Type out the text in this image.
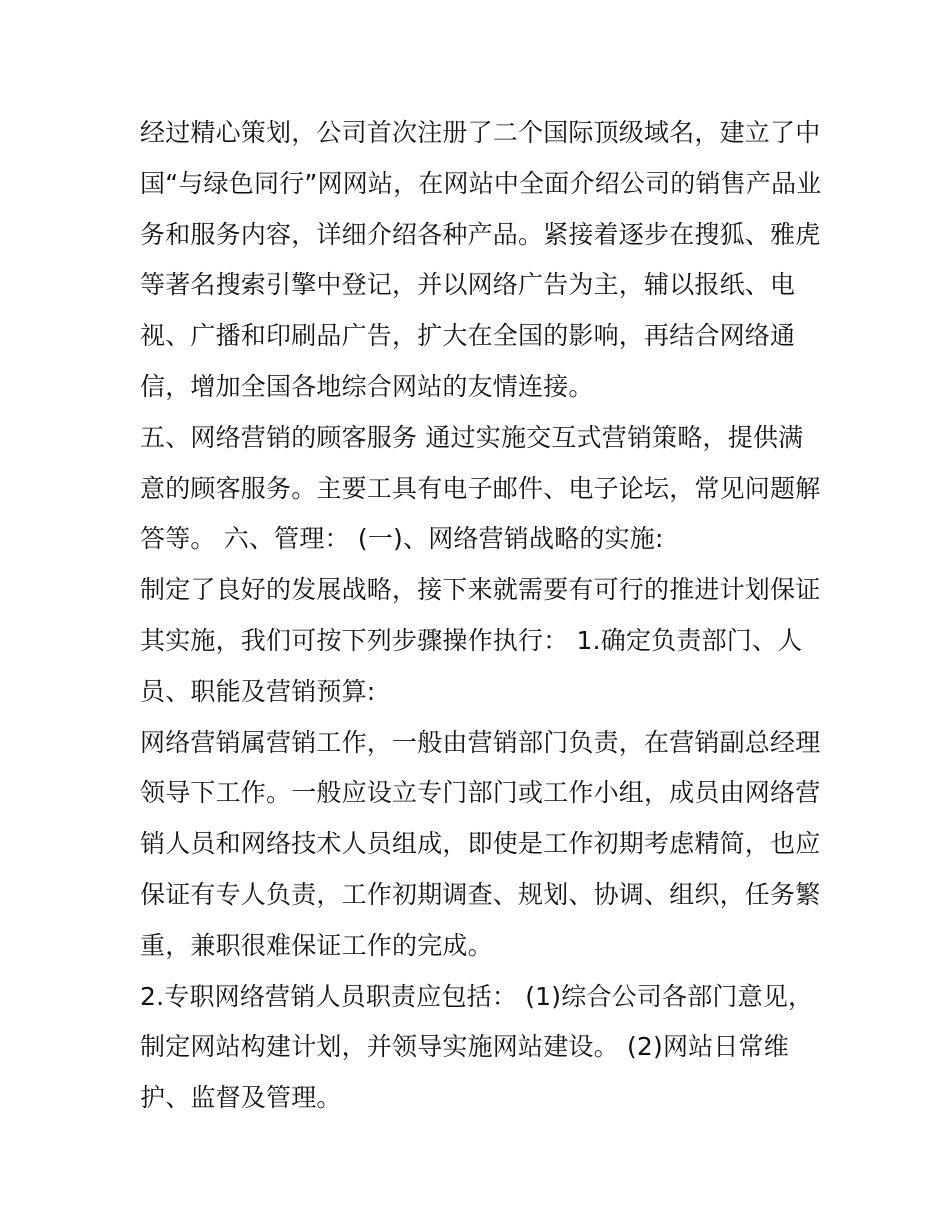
经过精心策划，公司首次注册了二个国际顶级域名，建立了中
国“与绿色同行”网网站，在网站中全面介绍公司的销售产品业
务和服务内容，详细介绍各种产品。紧接着逐步在搜狐、雅虎
等著名搜索引擎中登记，并以网络广告为主，辅以报纸、电
视、广播和印刷品广告，扩大在全国的影响，再结合网络通
信，增加全国各地综合网站的友情连接。
五、网络营销的顾客服务 通过实施交互式营销策略，提供满
意的顾客服务。主要工具有电子邮件、电子论坛，常见问题解
答等。 六、管理： (一)、网络营销战略的实施:
制定了良好的发展战略，接下来就需要有可行的推进计划保证
其实施，我们可按下列步骤操作执行： 1.确定负责部门、人
员、职能及营销预算:
网络营销属营销工作，一般由营销部门负责，在营销副总经理
领导下工作。一般应设立专门部门或工作小组，成员由网络营
销人员和网络技术人员组成，即使是工作初期考虑精简，也应
保证有专人负责，工作初期调查、规划、协调、组织，任务繁
重，兼职很难保证工作的完成。
2.专职网络营销人员职责应包括： (1)综合公司各部门意见，
制定网站构建计划，并领导实施网站建设。 (2)网站日常维
护、监督及管理。
